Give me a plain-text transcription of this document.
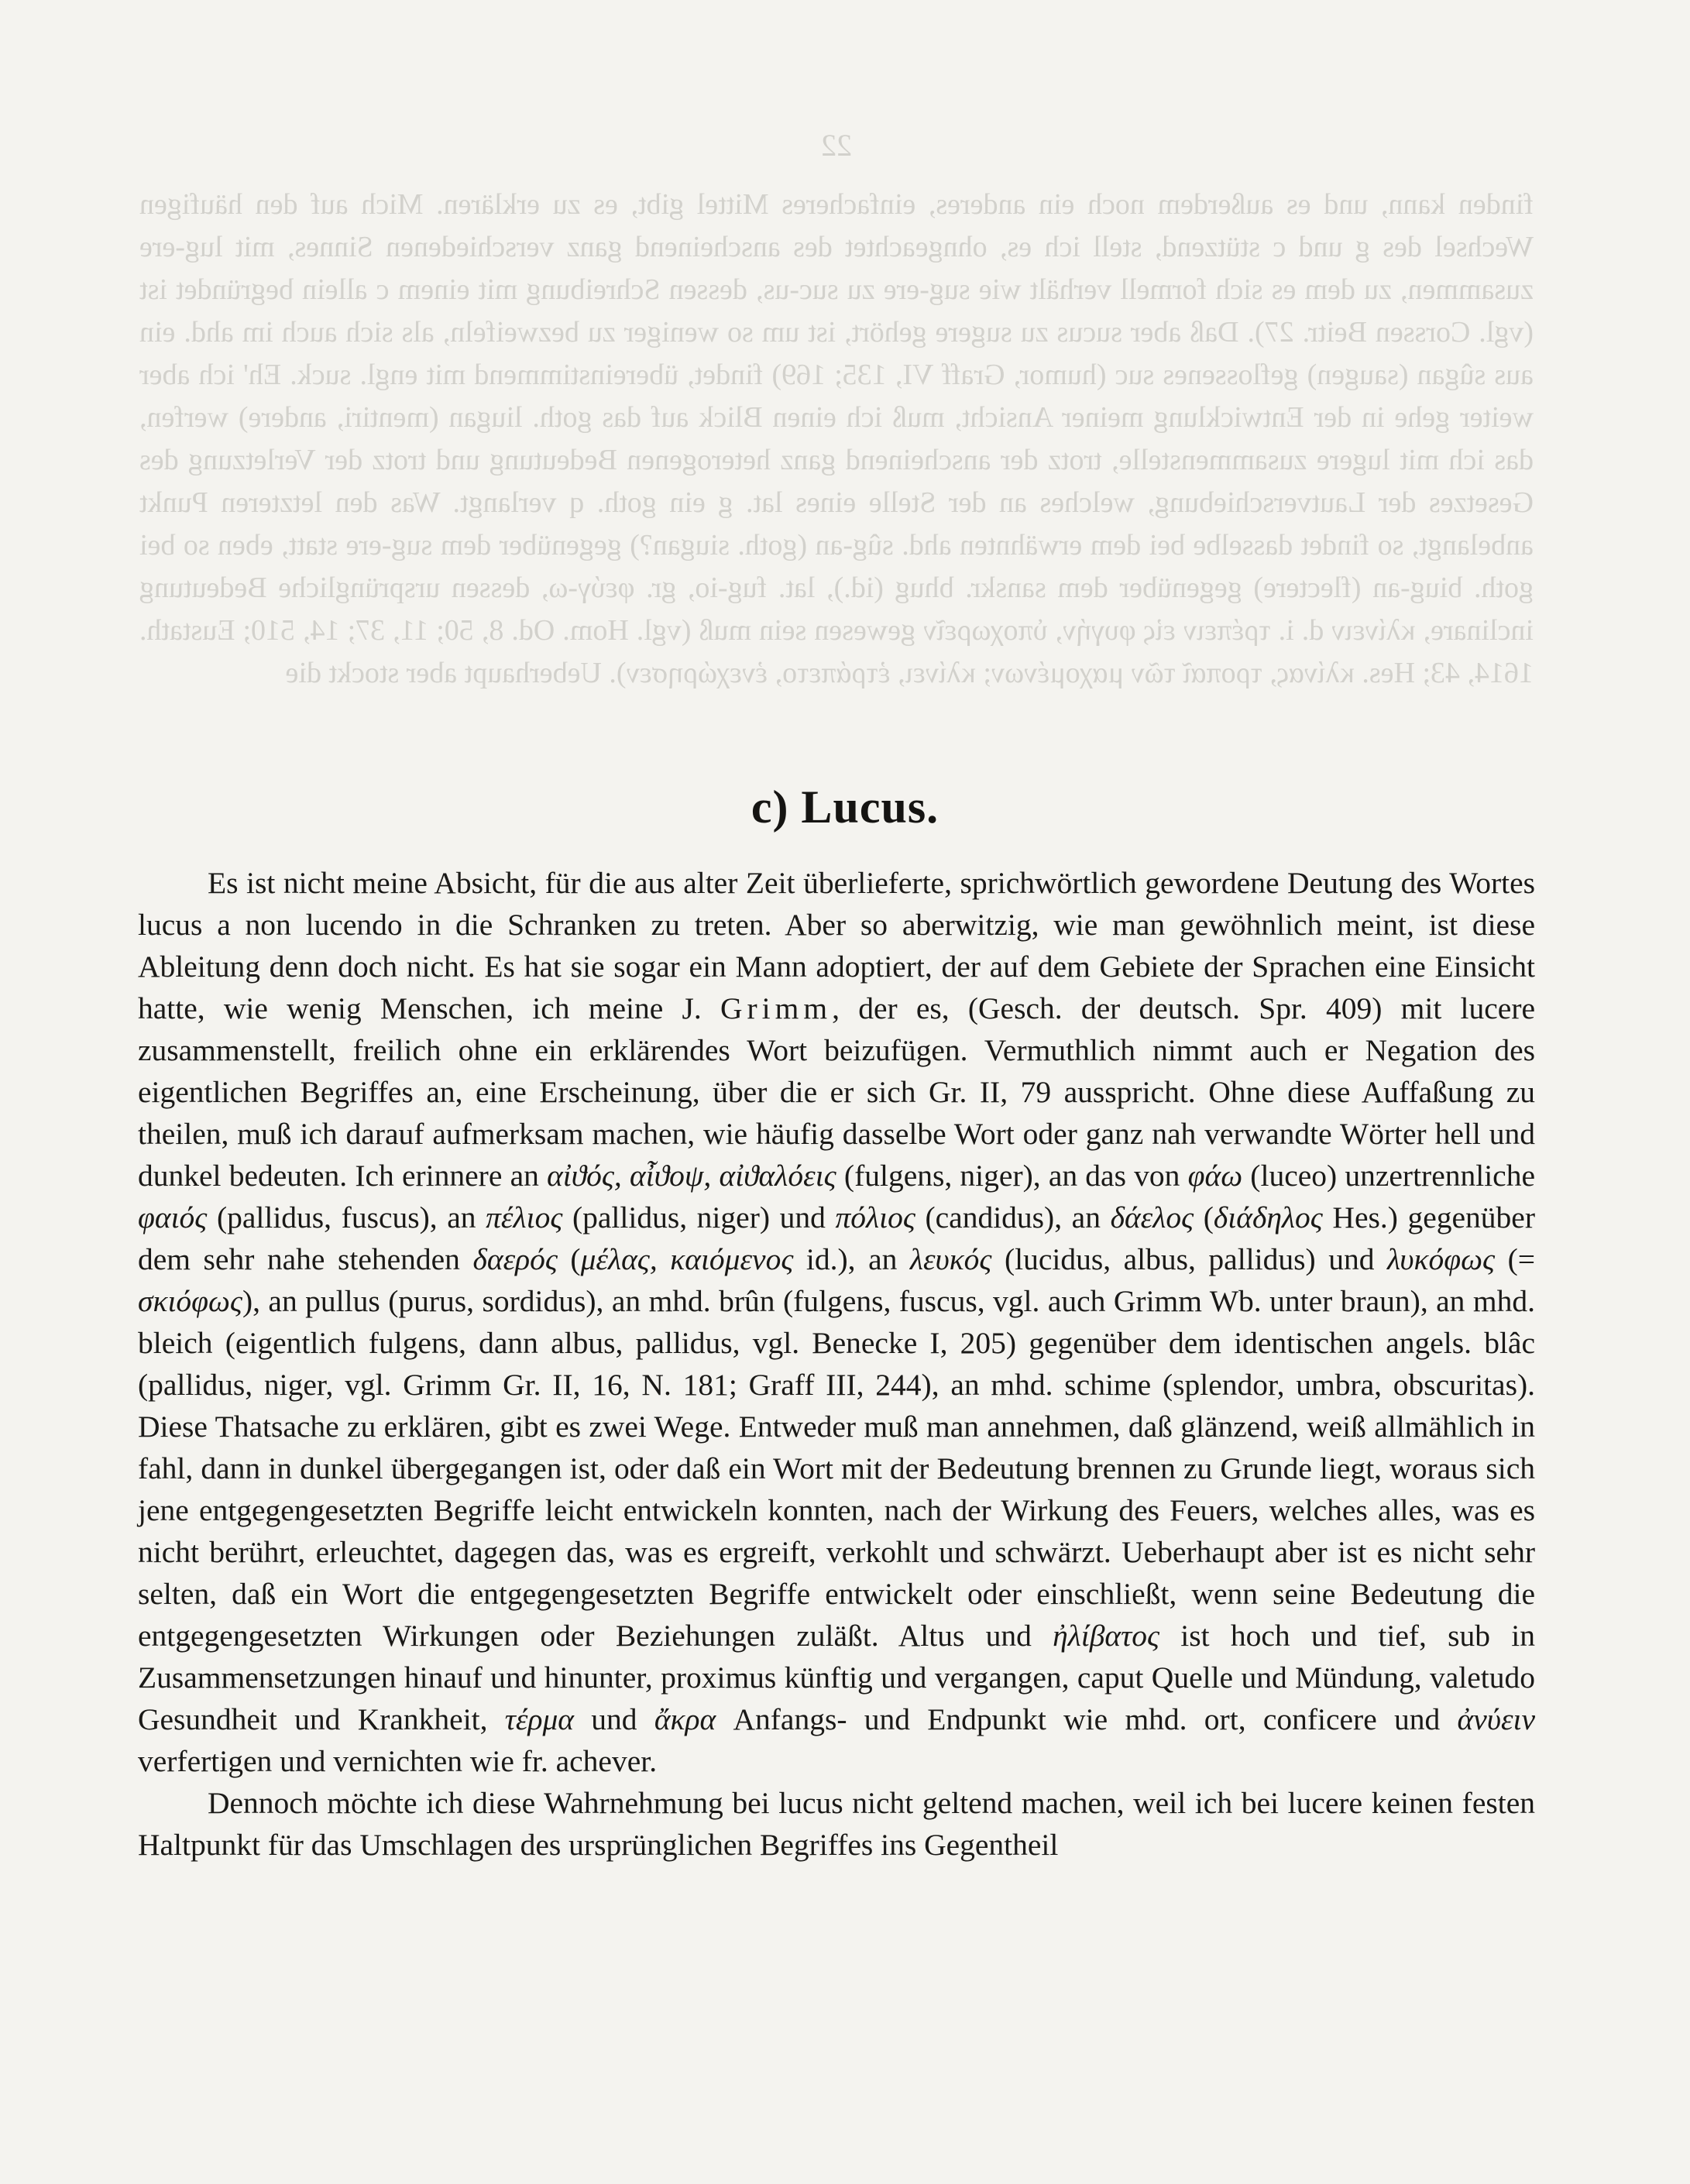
22

finden kann, und es außerdem noch ein anderes, einfacheres Mittel gibt, es zu erklären. Mich auf den häufigen Wechsel des g und c stützend, stell ich es, ohngeachtet des anscheinend ganz verschiedenen Sinnes, mit lug-ere zusammen, zu dem es sich formell verhält wie sug-ere zu suc-us, dessen Schreibung mit einem c allein begründet ist (vgl. Corssen Beitr. 27). Daß aber sucus zu sugere gehört, ist um so weniger zu bezweifeln, als sich auch im ahd. ein aus sûgan (saugen) geflossenes suc (humor, Graff VI, 135; 169) findet, übereinstimmend mit engl. suck. Eh' ich aber weiter gehe in der Entwicklung meiner Ansicht, muß ich einen Blick auf das goth. liugan (mentiri, andere) werfen, das ich mit lugere zusammenstelle, trotz der anscheinend ganz heterogenen Bedeutung und trotz der Verletzung des Gesetzes der Lautverschiebung, welches an der Stelle eines lat. g ein goth. q verlangt. Was den letzteren Punkt anbelangt, so findet dasselbe bei dem erwähnten ahd. sûg-an (goth. siugan?) gegenüber dem sug-ere statt, eben so bei goth. biug-an (flectere) gegenüber dem sanskr. bhug (id.), lat. fug-io, gr. φεύγ-ω, dessen ursprüngliche Bedeutung inclinare, κλίνειν d. i. τρέπειν εἰς φυγήν, ὑποχωρεῖν gewesen sein muß (vgl. Hom. Od. 8, 50; 11, 37; 14, 510; Eustath. 1614, 43; Hes. κλίνας, τροπαῖ τῶν μαχομένων; κλίνει, ἐτράπετο, ἐνεχώρησεν). Ueberhaupt aber stockt die

c) Lucus.

Es ist nicht meine Absicht, für die aus alter Zeit überlieferte, sprichwörtlich gewordene Deutung des Wortes lucus a non lucendo in die Schranken zu treten. Aber so aberwitzig, wie man gewöhnlich meint, ist diese Ableitung denn doch nicht. Es hat sie sogar ein Mann adoptiert, der auf dem Gebiete der Sprachen eine Einsicht hatte, wie wenig Menschen, ich meine J. Grimm, der es, (Gesch. der deutsch. Spr. 409) mit lucere zusammenstellt, freilich ohne ein erklärendes Wort beizufügen. Vermuthlich nimmt auch er Negation des eigentlichen Begriffes an, eine Erscheinung, über die er sich Gr. II, 79 ausspricht. Ohne diese Auffaßung zu theilen, muß ich darauf aufmerksam machen, wie häufig dasselbe Wort oder ganz nah verwandte Wörter hell und dunkel bedeuten. Ich erinnere an αἰϑός, αἶϑοψ, αἰϑαλόεις (fulgens, niger), an das von φάω (luceo) unzertrennliche φαιός (pallidus, fuscus), an πέλιος (pallidus, niger) und πόλιος (candidus), an δάελος (διάδηλος Hes.) gegenüber dem sehr nahe stehenden δαερός (μέλας, καιόμενος id.), an λευκός (lucidus, albus, pallidus) und λυκόφως (= σκιόφως), an pullus (purus, sordidus), an mhd. brûn (fulgens, fuscus, vgl. auch Grimm Wb. unter braun), an mhd. bleich (eigentlich fulgens, dann albus, pallidus, vgl. Benecke I, 205) gegenüber dem identischen angels. blâc (pallidus, niger, vgl. Grimm Gr. II, 16, N. 181; Graff III, 244), an mhd. schime (splendor, umbra, obscuritas). Diese Thatsache zu erklären, gibt es zwei Wege. Entweder muß man annehmen, daß glänzend, weiß allmählich in fahl, dann in dunkel übergegangen ist, oder daß ein Wort mit der Bedeutung brennen zu Grunde liegt, woraus sich jene entgegengesetzten Begriffe leicht entwickeln konnten, nach der Wirkung des Feuers, welches alles, was es nicht berührt, erleuchtet, dagegen das, was es ergreift, verkohlt und schwärzt. Ueberhaupt aber ist es nicht sehr selten, daß ein Wort die entgegengesetzten Begriffe entwickelt oder einschließt, wenn seine Bedeutung die entgegengesetzten Wirkungen oder Beziehungen zuläßt. Altus und ἠλίβατος ist hoch und tief, sub in Zusammensetzungen hinauf und hinunter, proximus künftig und vergangen, caput Quelle und Mündung, valetudo Gesundheit und Krankheit, τέρμα und ἄκρα Anfangs- und Endpunkt wie mhd. ort, conficere und ἀνύειν verfertigen und vernichten wie fr. achever.

Dennoch möchte ich diese Wahrnehmung bei lucus nicht geltend machen, weil ich bei lucere keinen festen Haltpunkt für das Umschlagen des ursprünglichen Begriffes ins Gegentheil
